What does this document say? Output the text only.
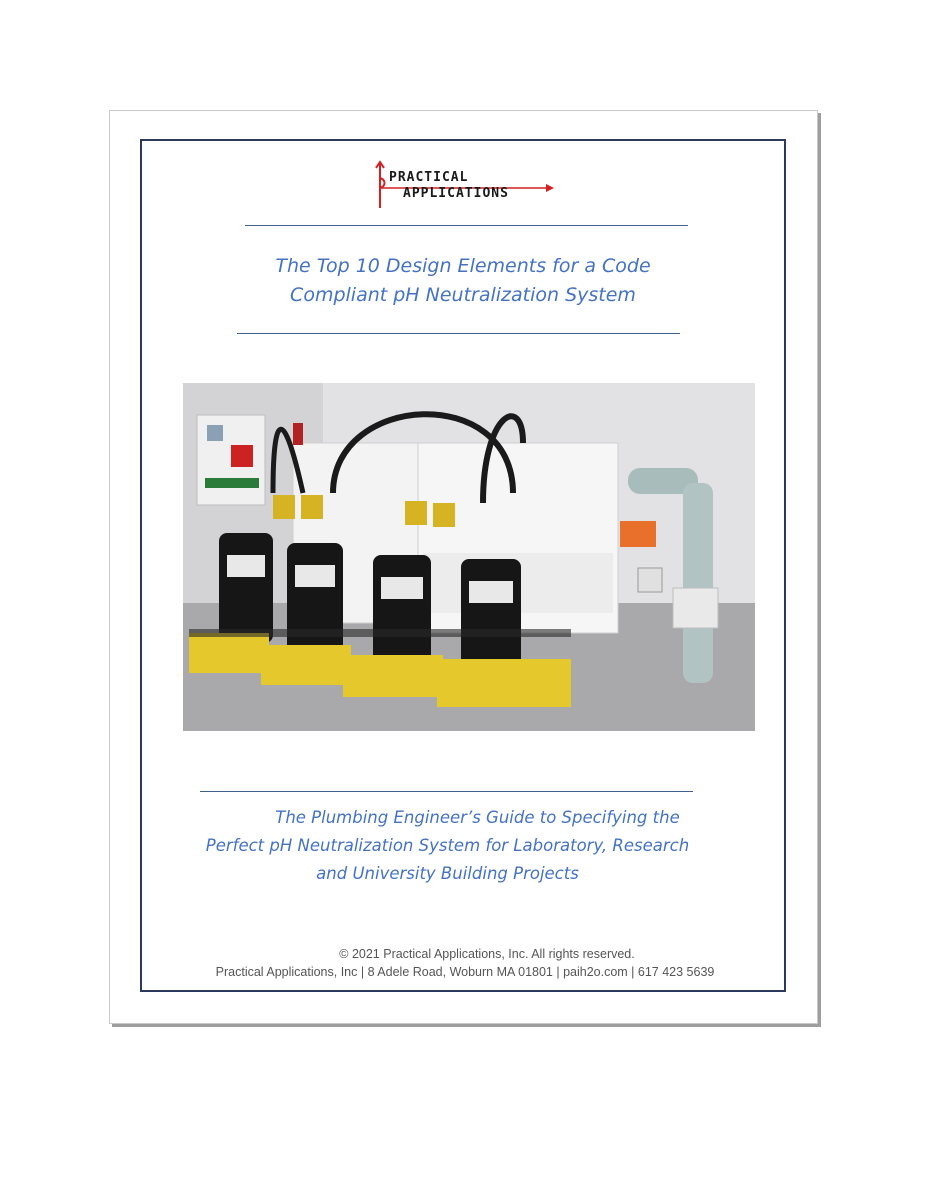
PRACTICAL
APPLICATIONS
The Top 10 Design Elements for a Code
Compliant pH Neutralization System
The Plumbing Engineer’s Guide to Specifying the
Perfect pH Neutralization System for Laboratory, Research
and University Building Projects
© 2021 Practical Applications, Inc. All rights reserved.
Practical Applications, Inc | 8 Adele Road, Woburn MA 01801 | paih2o.com | 617 423 5639
